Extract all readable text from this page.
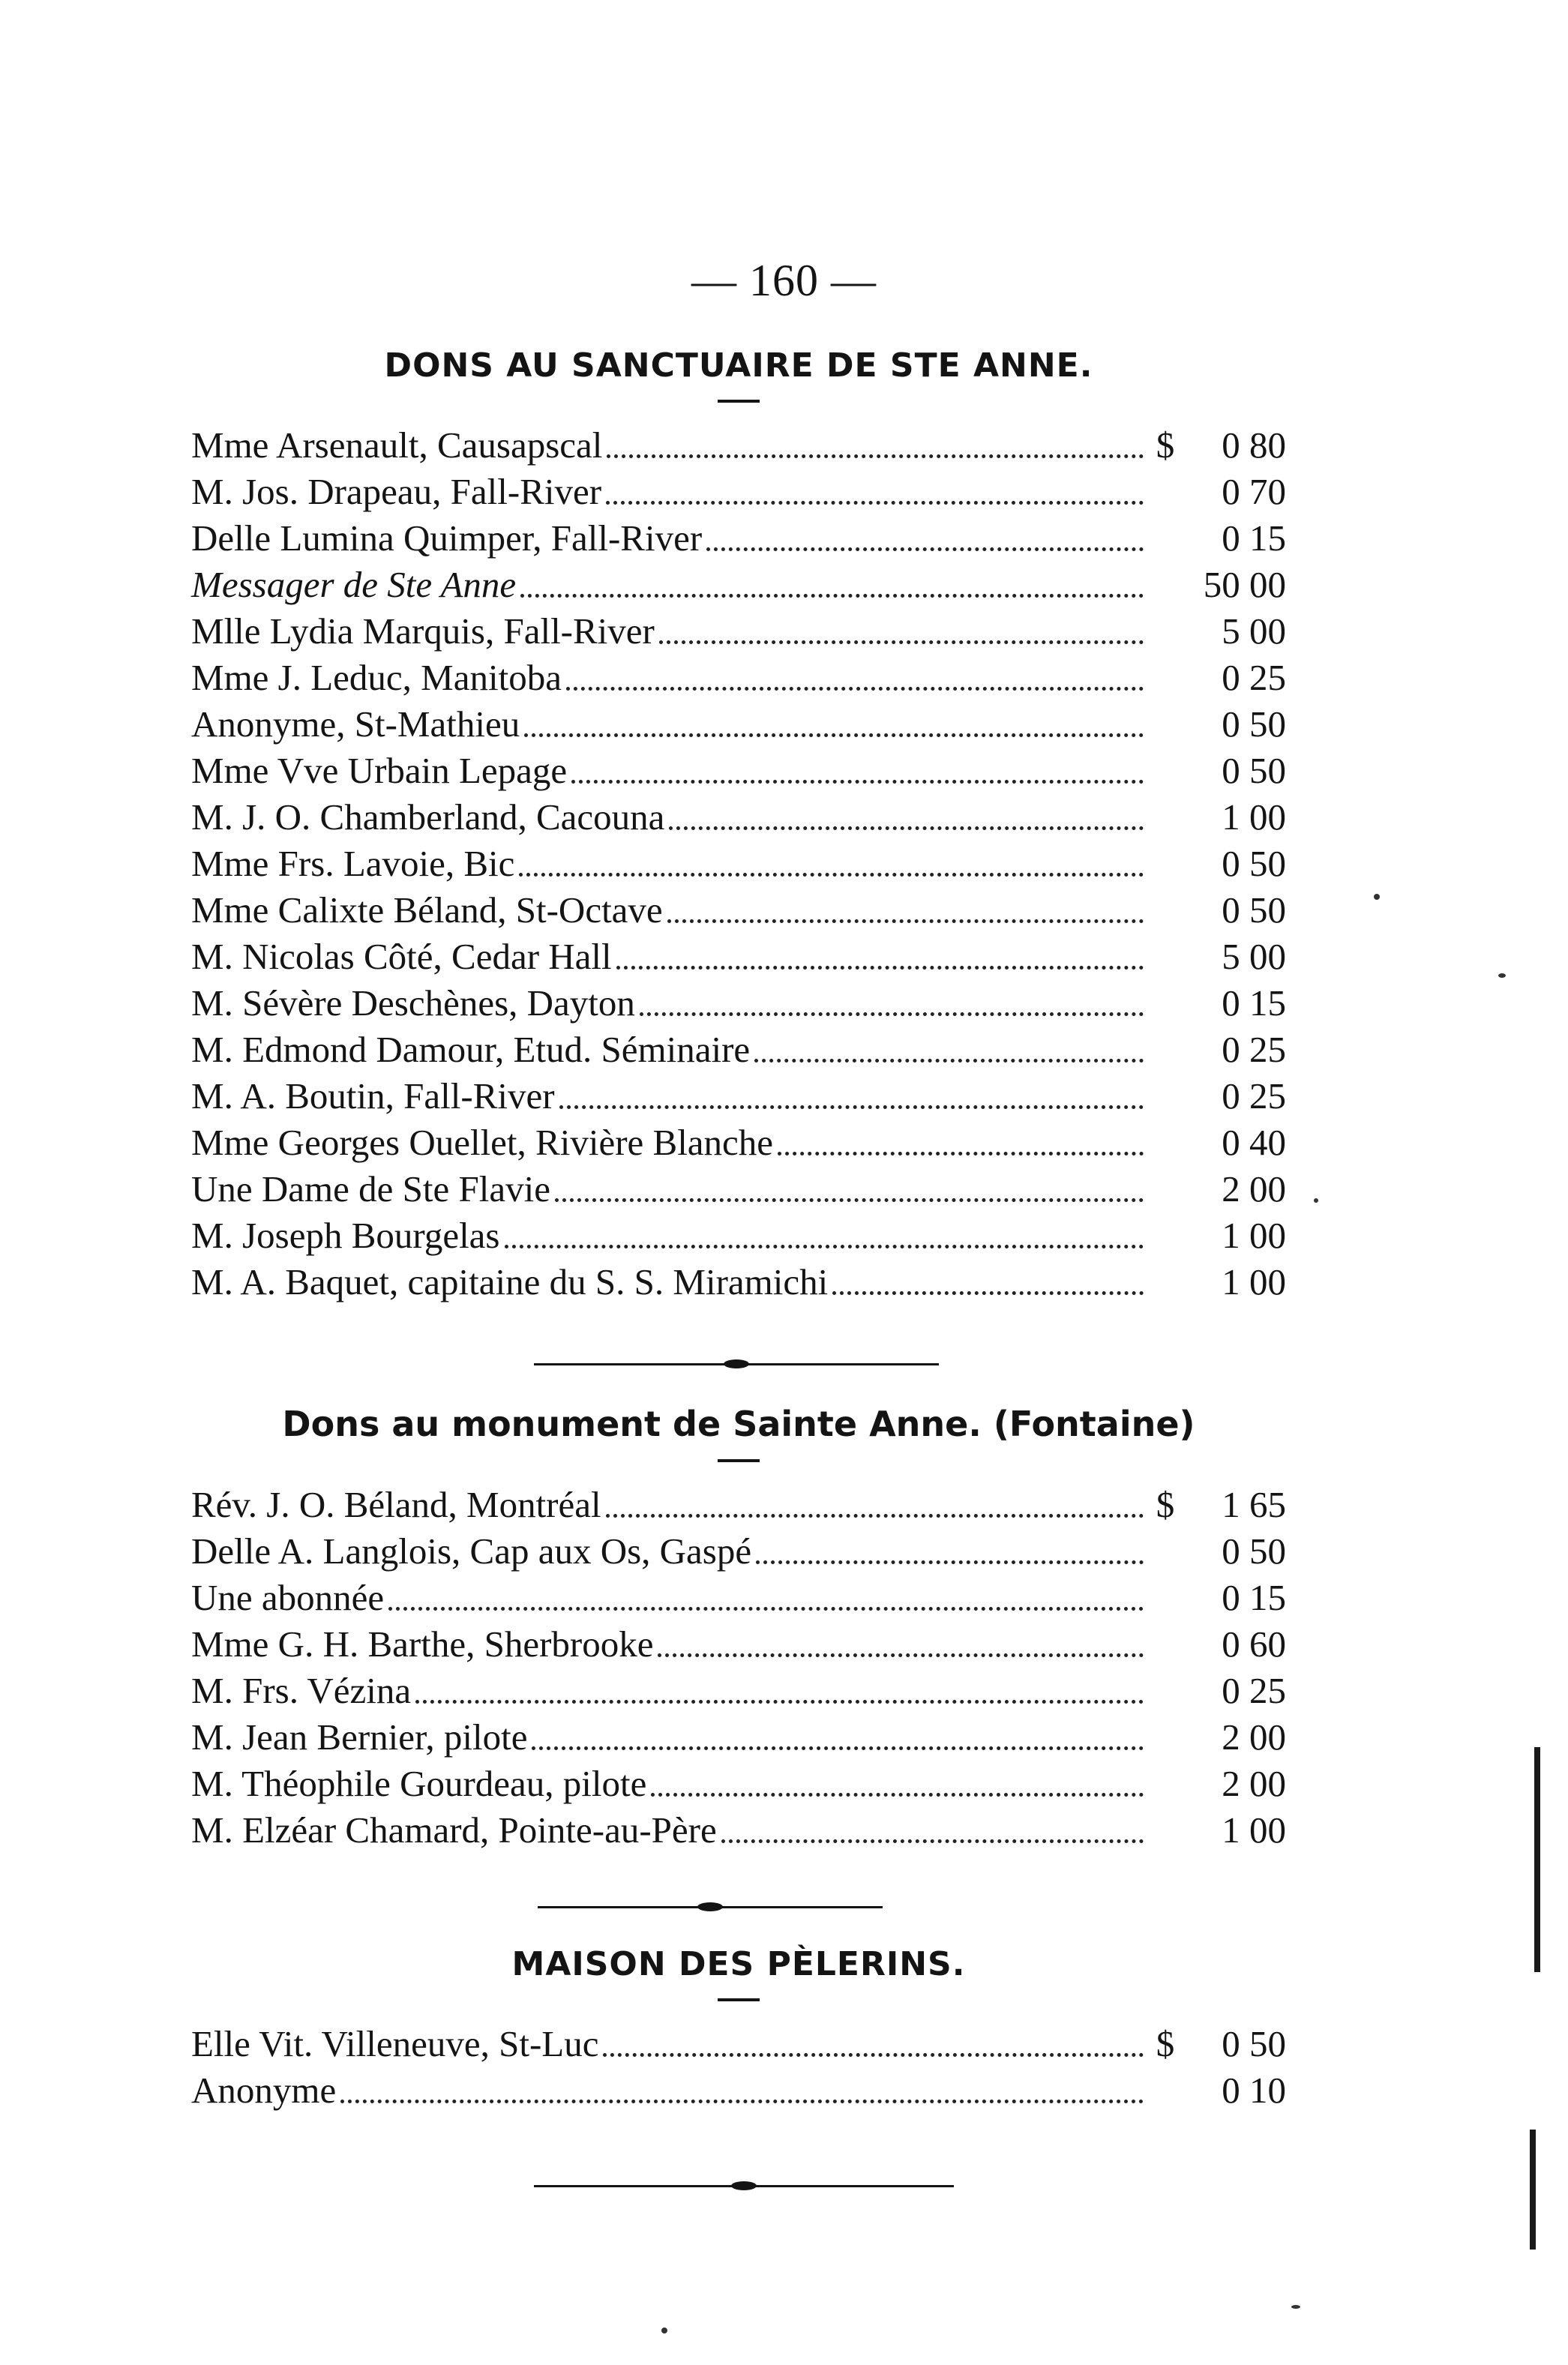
— 160 —
DONS AU SANCTUAIRE DE STE ANNE.
Mme Arsenault, Causapscal	$	0 80
M. Jos. Drapeau, Fall-River	0 70
Delle Lumina Quimper, Fall-River	0 15
Messager de Ste Anne	50 00
Mlle Lydia Marquis, Fall-River	5 00
Mme J. Leduc, Manitoba	0 25
Anonyme, St-Mathieu	0 50
Mme Vve Urbain Lepage	0 50
M. J. O. Chamberland, Cacouna	1 00
Mme Frs. Lavoie, Bic	0 50
Mme Calixte Béland, St-Octave	0 50
M. Nicolas Côté, Cedar Hall	5 00
M. Sévère Deschènes, Dayton	0 15
M. Edmond Damour, Etud. Séminaire	0 25
M. A. Boutin, Fall-River	0 25
Mme Georges Ouellet, Rivière Blanche	0 40
Une Dame de Ste Flavie	2 00
M. Joseph Bourgelas	1 00
M. A. Baquet, capitaine du S. S. Miramichi	1 00
Dons au monument de Sainte Anne. (Fontaine)
Rév. J. O. Béland, Montréal	$	1 65
Delle A. Langlois, Cap aux Os, Gaspé	0 50
Une abonnée	0 15
Mme G. H. Barthe, Sherbrooke	0 60
M. Frs. Vézina	0 25
M. Jean Bernier, pilote	2 00
M. Théophile Gourdeau, pilote	2 00
M. Elzéar Chamard, Pointe-au-Père	1 00
MAISON DES PÈLERINS.
Elle Vit. Villeneuve, St-Luc	$	0 50
Anonyme	0 10
